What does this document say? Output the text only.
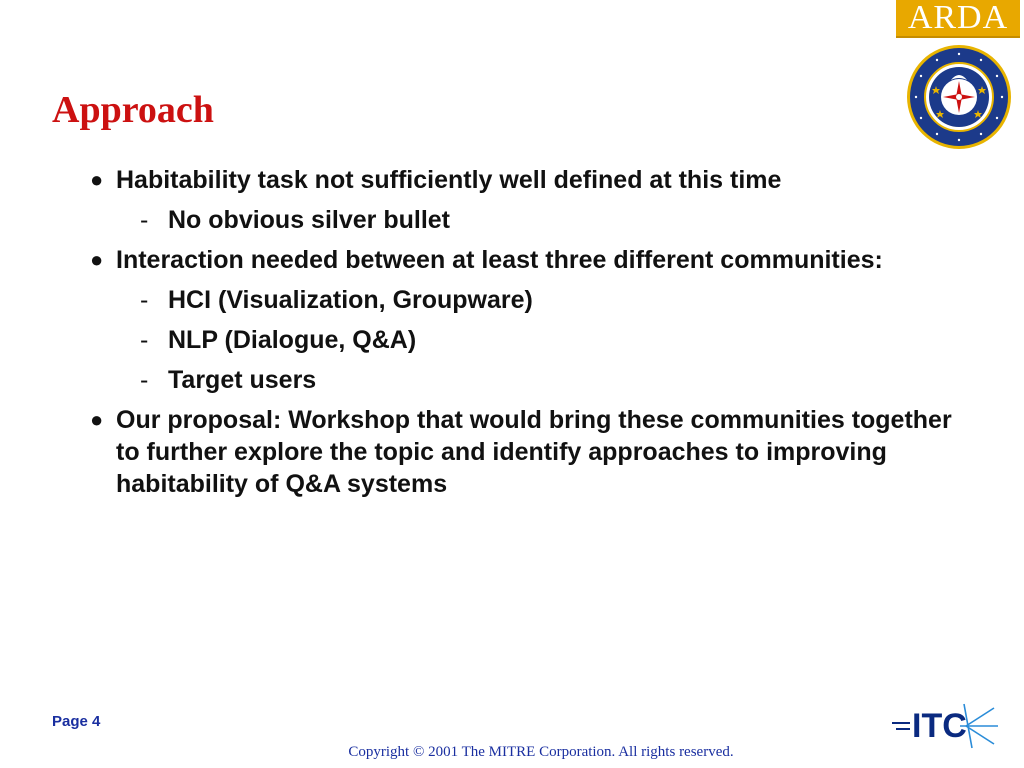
Approach
ARDA
● Habitability task not sufficiently well defined at this time
- No obvious silver bullet
● Interaction needed between at least three different communities:
- HCI (Visualization, Groupware)
- NLP (Dialogue, Q&A)
- Target users
● Our proposal: Workshop that would bring these communities together to further explore the topic and identify approaches to improving habitability of Q&A systems
Page 4	ITC
Copyright © 2001 The MITRE Corporation. All rights reserved.
